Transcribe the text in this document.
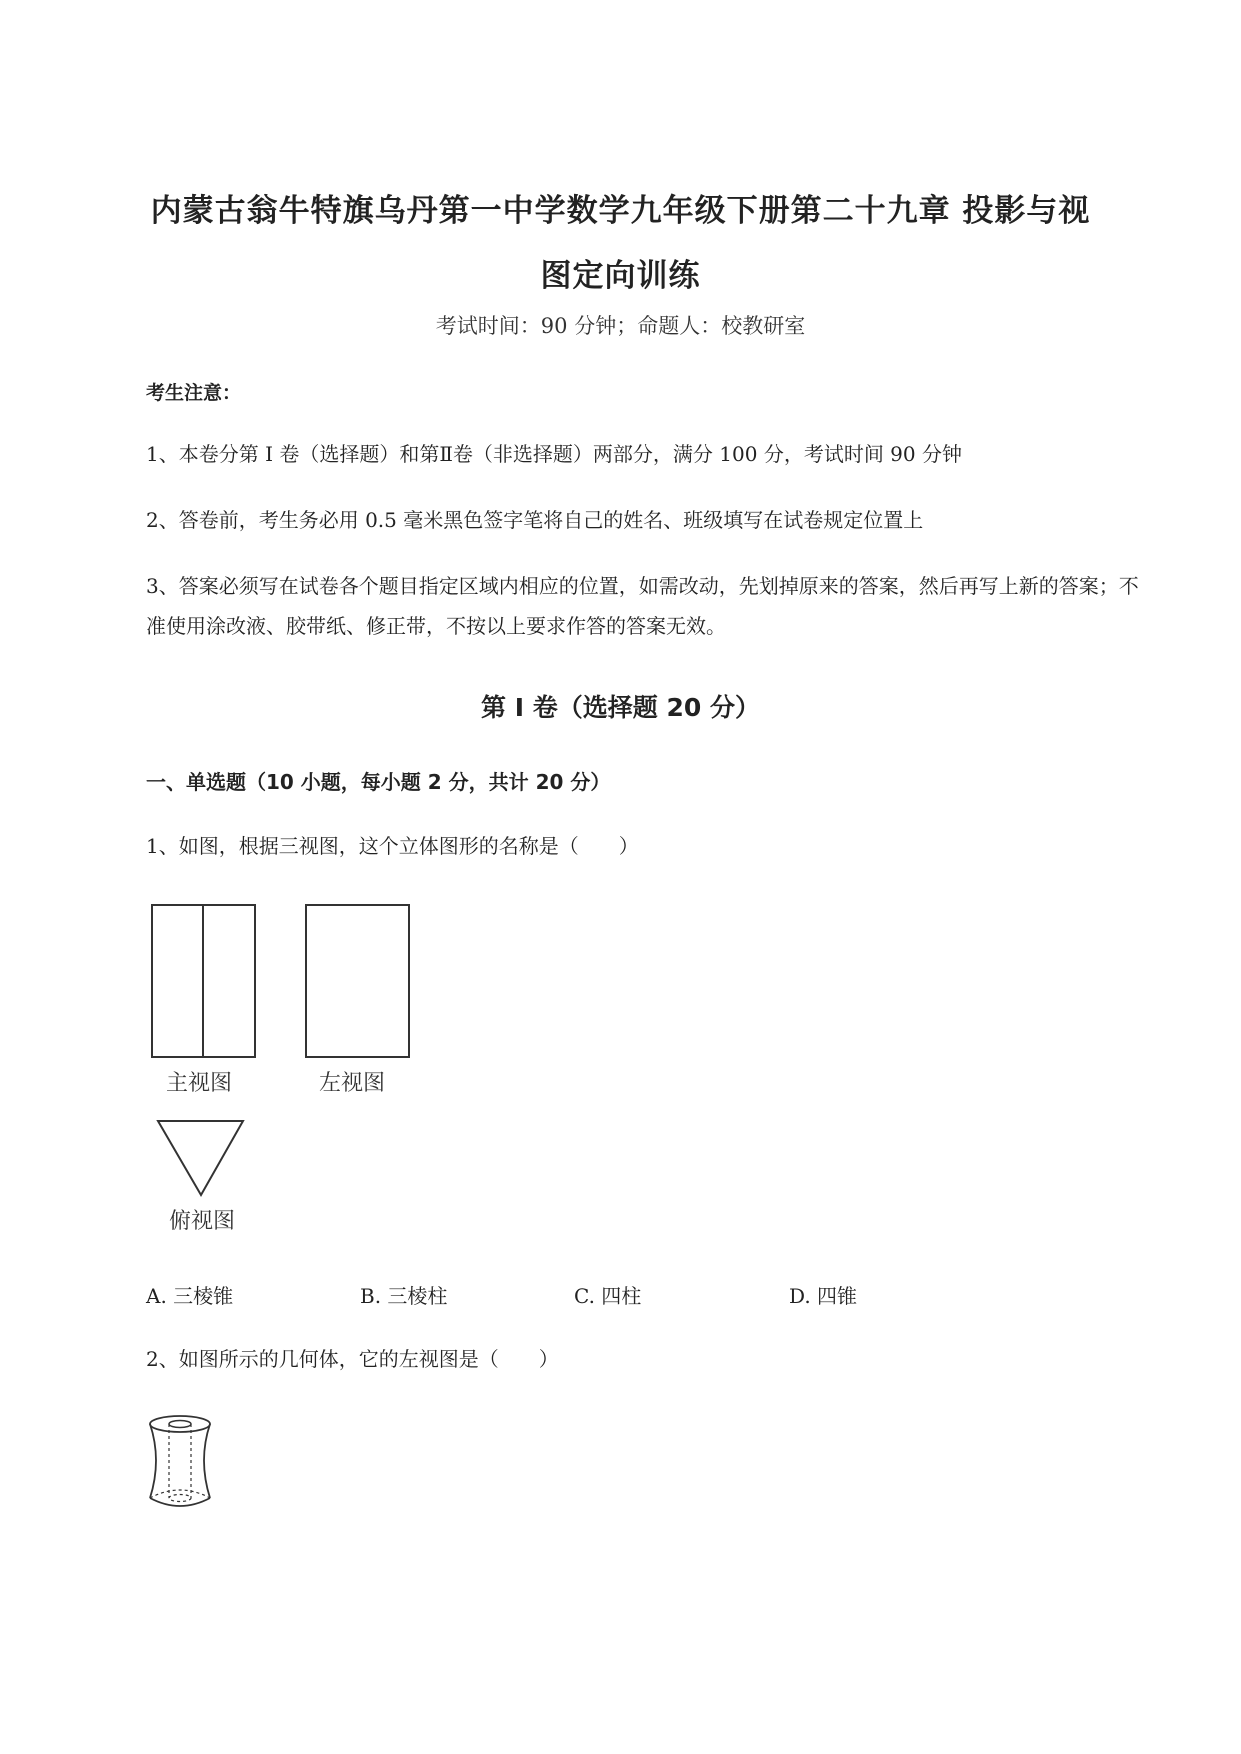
内蒙古翁牛特旗乌丹第一中学数学九年级下册第二十九章 投影与视
图定向训练
考试时间：90 分钟；命题人：校教研室
考生注意：
1、本卷分第 I 卷（选择题）和第Ⅱ卷（非选择题）两部分，满分 100 分，考试时间 90 分钟
2、答卷前，考生务必用 0.5 毫米黑色签字笔将自己的姓名、班级填写在试卷规定位置上
3、答案必须写在试卷各个题目指定区域内相应的位置，如需改动，先划掉原来的答案，然后再写上新的答案；不准使用涂改液、胶带纸、修正带，不按以上要求作答的答案无效。
第 I 卷（选择题 20 分）
一、单选题（10 小题，每小题 2 分，共计 20 分）
1、如图，根据三视图，这个立体图形的名称是（　　）
主视图	左视图
俯视图
A. 三棱锥	B. 三棱柱	C. 四柱	D. 四锥
2、如图所示的几何体，它的左视图是（　　）
